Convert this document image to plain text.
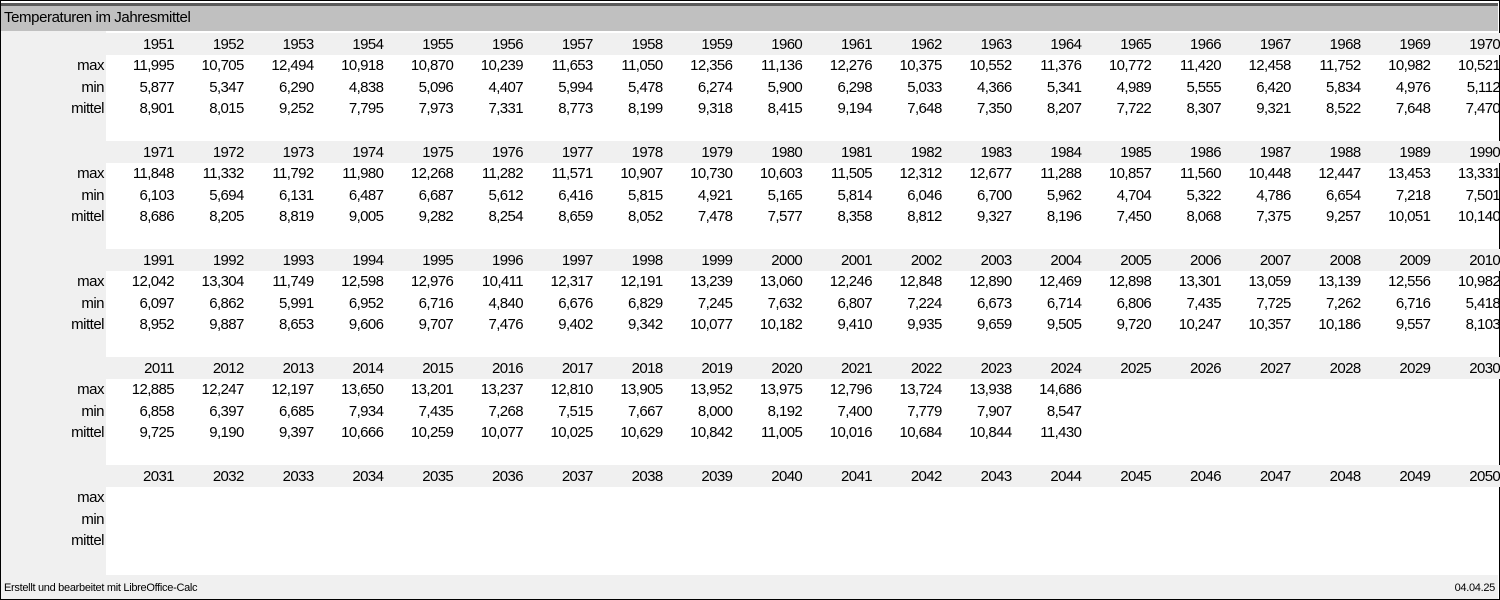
Temperaturen im Jahresmittel
1951	1952	1953	1954	1955	1956	1957	1958	1959	1960	1961	1962	1963	1964	1965	1966	1967	1968	1969	1970
max	11,995	10,705	12,494	10,918	10,870	10,239	11,653	11,050	12,356	11,136	12,276	10,375	10,552	11,376	10,772	11,420	12,458	11,752	10,982	10,521
min	5,877	5,347	6,290	4,838	5,096	4,407	5,994	5,478	6,274	5,900	6,298	5,033	4,366	5,341	4,989	5,555	6,420	5,834	4,976	5,112
mittel	8,901	8,015	9,252	7,795	7,973	7,331	8,773	8,199	9,318	8,415	9,194	7,648	7,350	8,207	7,722	8,307	9,321	8,522	7,648	7,470
1971	1972	1973	1974	1975	1976	1977	1978	1979	1980	1981	1982	1983	1984	1985	1986	1987	1988	1989	1990
max	11,848	11,332	11,792	11,980	12,268	11,282	11,571	10,907	10,730	10,603	11,505	12,312	12,677	11,288	10,857	11,560	10,448	12,447	13,453	13,331
min	6,103	5,694	6,131	6,487	6,687	5,612	6,416	5,815	4,921	5,165	5,814	6,046	6,700	5,962	4,704	5,322	4,786	6,654	7,218	7,501
mittel	8,686	8,205	8,819	9,005	9,282	8,254	8,659	8,052	7,478	7,577	8,358	8,812	9,327	8,196	7,450	8,068	7,375	9,257	10,051	10,140
1991	1992	1993	1994	1995	1996	1997	1998	1999	2000	2001	2002	2003	2004	2005	2006	2007	2008	2009	2010
max	12,042	13,304	11,749	12,598	12,976	10,411	12,317	12,191	13,239	13,060	12,246	12,848	12,890	12,469	12,898	13,301	13,059	13,139	12,556	10,982
min	6,097	6,862	5,991	6,952	6,716	4,840	6,676	6,829	7,245	7,632	6,807	7,224	6,673	6,714	6,806	7,435	7,725	7,262	6,716	5,418
mittel	8,952	9,887	8,653	9,606	9,707	7,476	9,402	9,342	10,077	10,182	9,410	9,935	9,659	9,505	9,720	10,247	10,357	10,186	9,557	8,103
2011	2012	2013	2014	2015	2016	2017	2018	2019	2020	2021	2022	2023	2024	2025	2026	2027	2028	2029	2030
max	12,885	12,247	12,197	13,650	13,201	13,237	12,810	13,905	13,952	13,975	12,796	13,724	13,938	14,686
min	6,858	6,397	6,685	7,934	7,435	7,268	7,515	7,667	8,000	8,192	7,400	7,779	7,907	8,547
mittel	9,725	9,190	9,397	10,666	10,259	10,077	10,025	10,629	10,842	11,005	10,016	10,684	10,844	11,430
2031	2032	2033	2034	2035	2036	2037	2038	2039	2040	2041	2042	2043	2044	2045	2046	2047	2048	2049	2050
max
min
mittel
Erstellt und bearbeitet mit LibreOffice-Calc	04.04.25
